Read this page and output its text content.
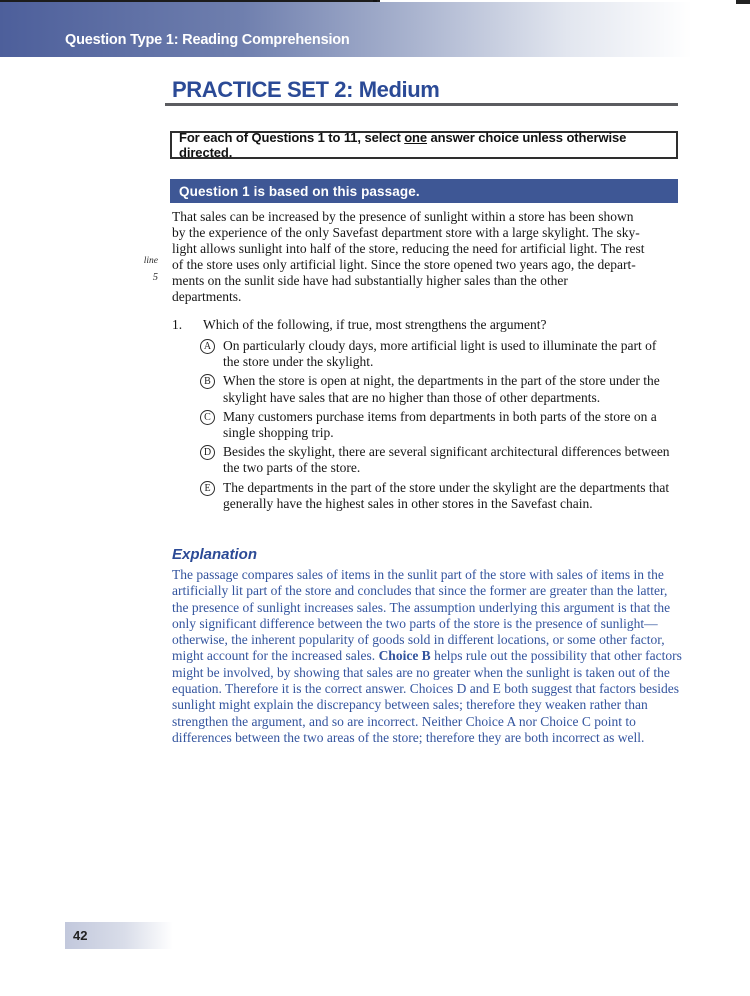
Question Type 1: Reading Comprehension
PRACTICE SET 2: Medium
For each of Questions 1 to 11, select one answer choice unless otherwise directed.
Question 1 is based on this passage.
That sales can be increased by the presence of sunlight within a store has been shown
by the experience of the only Savefast department store with a large skylight. The sky-
light allows sunlight into half of the store, reducing the need for artificial light. The rest
of the store uses only artificial light. Since the store opened two years ago, the depart-
ments on the sunlit side have had substantially higher sales than the other
departments.
line
5
1. Which of the following, if true, most strengthens the argument?
A On particularly cloudy days, more artificial light is used to illuminate the part of the store under the skylight.
B When the store is open at night, the departments in the part of the store under the skylight have sales that are no higher than those of other departments.
C Many customers purchase items from departments in both parts of the store on a single shopping trip.
D Besides the skylight, there are several significant architectural differences between the two parts of the store.
E The departments in the part of the store under the skylight are the departments that generally have the highest sales in other stores in the Savefast chain.
Explanation
The passage compares sales of items in the sunlit part of the store with sales of items in the artificially lit part of the store and concludes that since the former are greater than the latter, the presence of sunlight increases sales. The assumption underlying this argument is that the only significant difference between the two parts of the store is the presence of sunlight—otherwise, the inherent popularity of goods sold in different locations, or some other factor, might account for the increased sales. Choice B helps rule out the possibility that other factors might be involved, by showing that sales are no greater when the sunlight is taken out of the equation. Therefore it is the correct answer. Choices D and E both suggest that factors besides sunlight might explain the discrepancy between sales; therefore they weaken rather than strengthen the argument, and so are incorrect. Neither Choice A nor Choice C point to differences between the two areas of the store; therefore they are both incorrect as well.
42
